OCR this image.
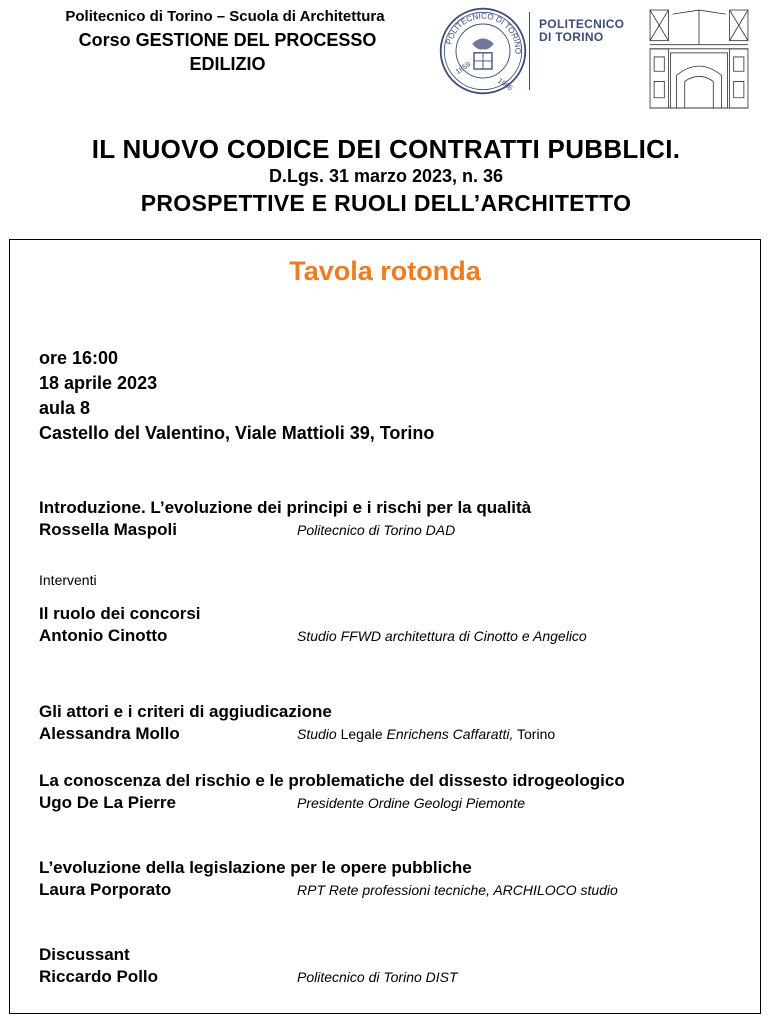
Politecnico di Torino – Scuola di Architettura
Corso GESTIONE DEL PROCESSO
EDILIZIO
POLITECNICO DI TORINO
1859
1906
POLITECNICO
DI TORINO
IL NUOVO CODICE DEI CONTRATTI PUBBLICI.
D.Lgs. 31 marzo 2023, n. 36
PROSPETTIVE E RUOLI DELL’ARCHITETTO
Tavola rotonda
ore 16:00
18 aprile 2023
aula 8
Castello del Valentino, Viale Mattioli 39, Torino
Introduzione. L’evoluzione dei principi e i rischi per la qualità
Rossella Maspoli	Politecnico di Torino DAD
Interventi
Il ruolo dei concorsi
Antonio Cinotto	Studio FFWD architettura di Cinotto e Angelico
Gli attori e i criteri di aggiudicazione
Alessandra Mollo	Studio Legale Enrichens Caffaratti, Torino
La conoscenza del rischio e le problematiche del dissesto idrogeologico
Ugo De La Pierre	Presidente Ordine Geologi Piemonte
L’evoluzione della legislazione per le opere pubbliche
Laura Porporato	RPT Rete professioni tecniche, ARCHILOCO studio
Discussant
Riccardo Pollo	Politecnico di Torino DIST
